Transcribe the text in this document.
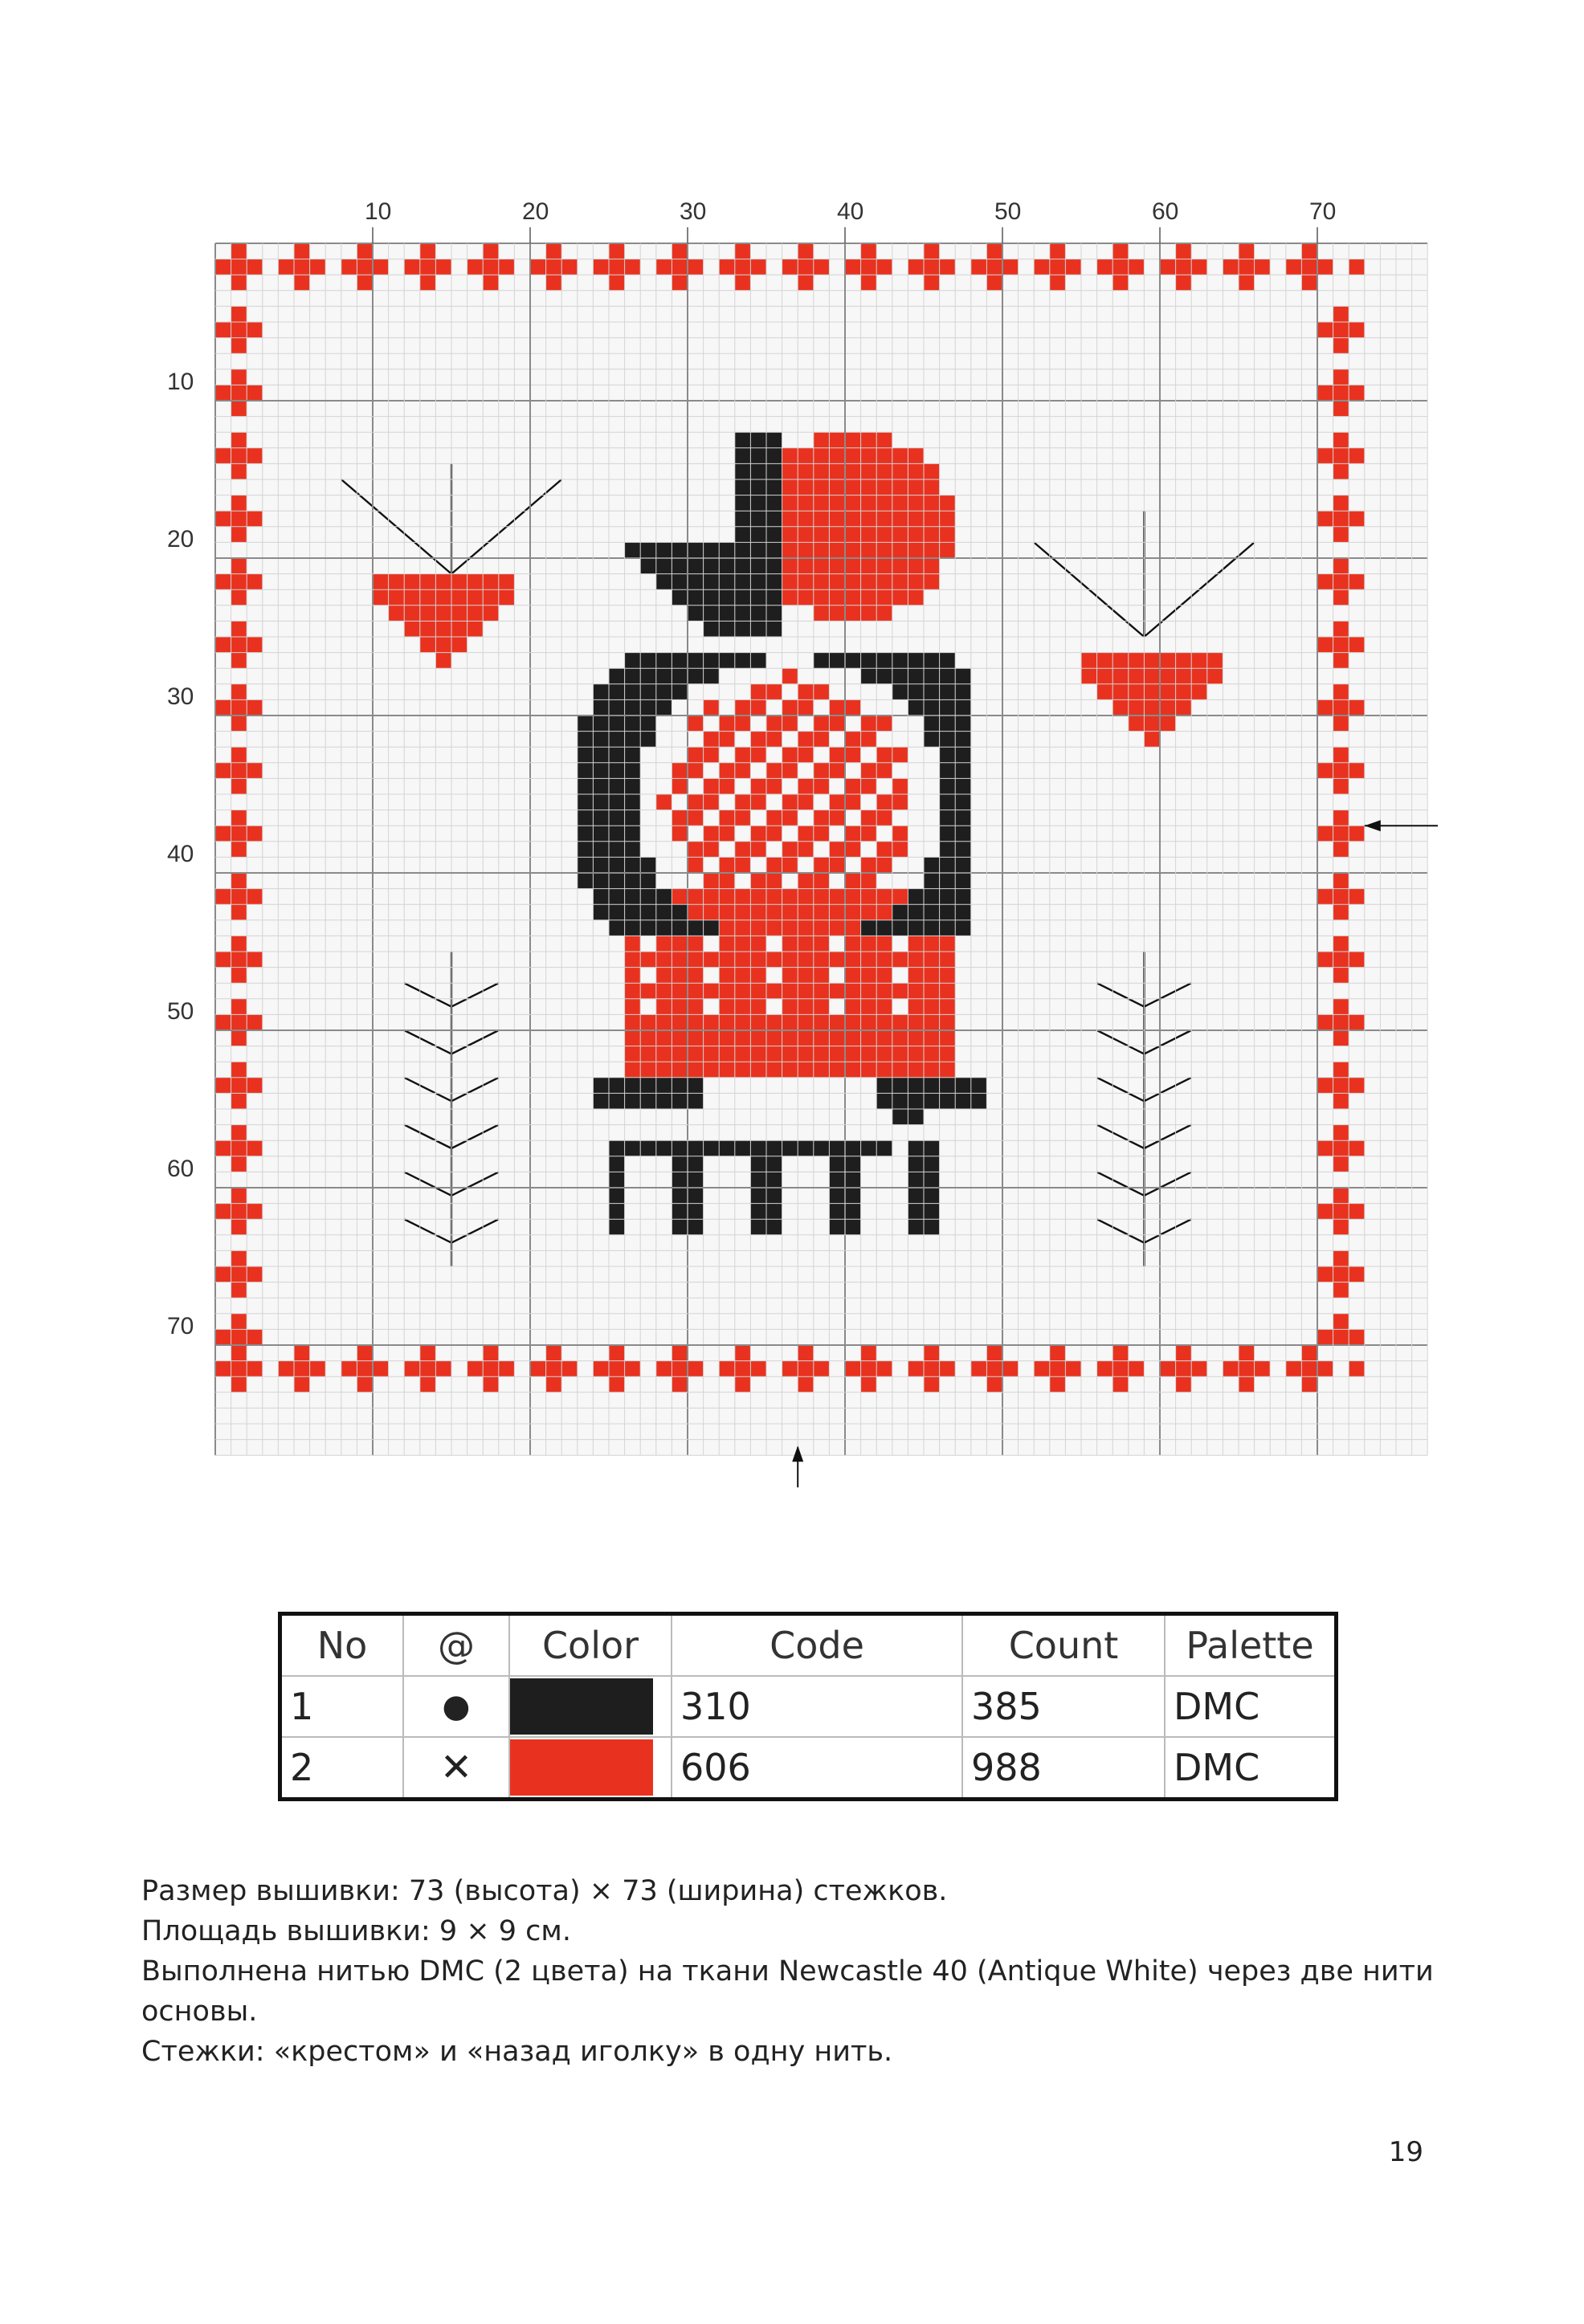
10	20	30	40	50	60	70
10
20
30
40
50
60
70
No	@	Color	Code	Count	Palette
1	●		310	385	DMC
2	✕		606	988	DMC

Размер вышивки: 73 (высота) × 73 (ширина) стежков.

Площадь вышивки: 9 × 9 см.

Выполнена нитью DMC (2 цвета) на ткани Newcastle 40 (Antique White) через две нити основы.

Стежки: «крестом» и «назад иголку» в одну нить.

19
